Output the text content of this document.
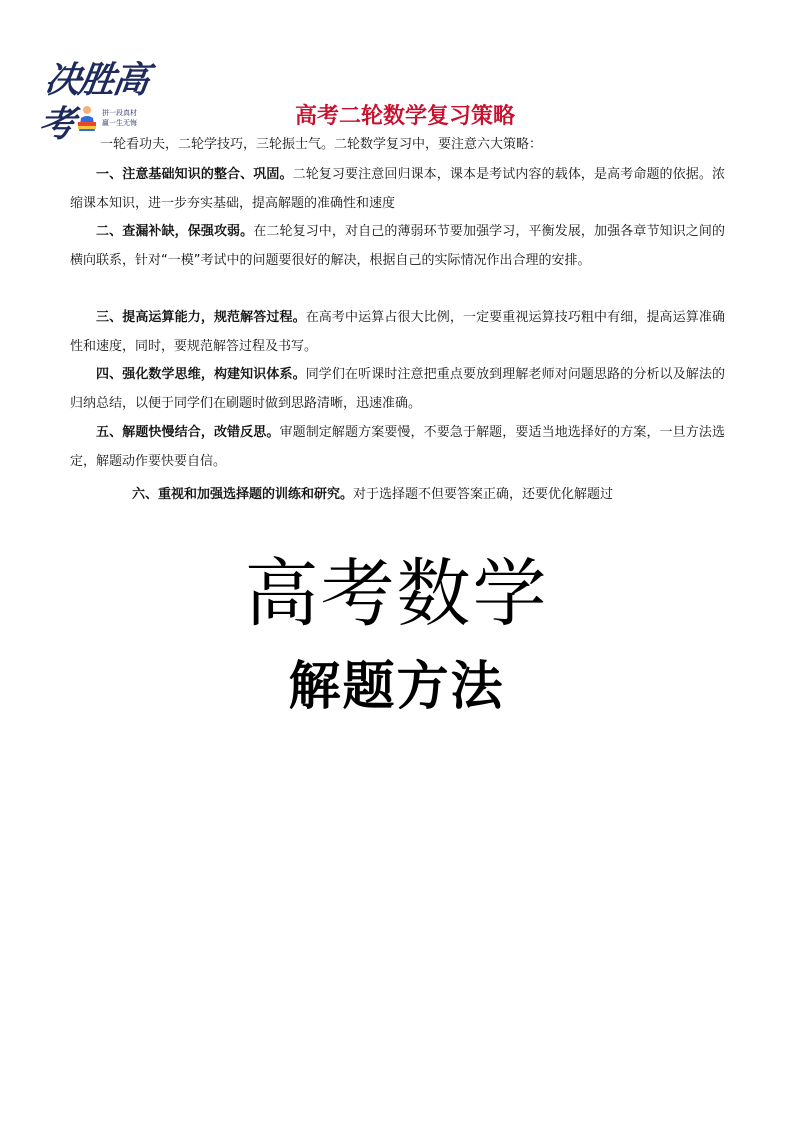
决胜高考	拼一段真材
赢一生无悔	高考二轮数学复习策略
一轮看功夫，二轮学技巧，三轮振士气。二轮数学复习中，要注意六大策略：
一、注意基础知识的整合、巩固。二轮复习要注意回归课本，课本是考试内容的载体，是高考命题的依据。浓缩课本知识，进一步夯实基础，提高解题的准确性和速度
二、查漏补缺，保强攻弱。在二轮复习中，对自己的薄弱环节要加强学习，平衡发展，加强各章节知识之间的横向联系，针对“一模”考试中的问题要很好的解决，根据自己的实际情况作出合理的安排。
三、提高运算能力，规范解答过程。在高考中运算占很大比例，一定要重视运算技巧粗中有细，提高运算准确性和速度，同时，要规范解答过程及书写。
四、强化数学思维，构建知识体系。同学们在听课时注意把重点要放到理解老师对问题思路的分析以及解法的归纳总结，以便于同学们在刷题时做到思路清晰，迅速准确。
五、解题快慢结合，改错反思。审题制定解题方案要慢，不要急于解题，要适当地选择好的方案，一旦方法选定，解题动作要快要自信。
六、重视和加强选择题的训练和研究。对于选择题不但要答案正确，还要优化解题过
高考数学
解题方法
